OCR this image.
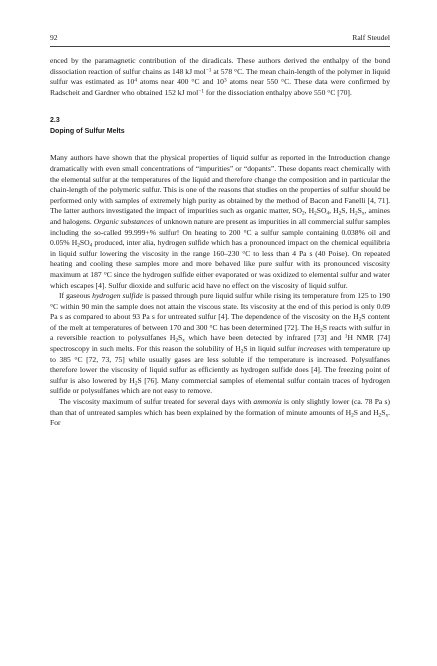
92	Ralf Steudel

enced by the paramagnetic contribution of the diradicals. These authors derived the enthalpy of the bond dissociation reaction of sulfur chains as 148 kJ mol$^{-1}$ at 578 °C. The mean chain-length of the polymer in liquid sulfur was estimated as $10^4$ atoms near 400 °C and $10^3$ atoms near 550 °C. These data were confirmed by Radscheit and Gardner who obtained 152 kJ mol$^{-1}$ for the dissociation enthalpy above 550 °C [70].

2.3
Doping of Sulfur Melts

Many authors have shown that the physical properties of liquid sulfur as reported in the Introduction change dramatically with even small concentrations of “impurities” or “dopants”. These dopants react chemically with the elemental sulfur at the temperatures of the liquid and therefore change the composition and in particular the chain-length of the polymeric sulfur. This is one of the reasons that studies on the properties of sulfur should be performed only with samples of extremely high purity as obtained by the method of Bacon and Fanelli [4, 71]. The latter authors investigated the impact of impurities such as organic matter, $SO_2$, $H_2SO_4$, $H_2S$, $H_2S_x$, amines and halogens. Organic substances of unknown nature are present as impurities in all commercial sulfur samples including the so-called 99.999+% sulfur! On heating to 200 °C a sulfur sample containing 0.038% oil and 0.05% $H_2SO_4$ produced, inter alia, hydrogen sulfide which has a pronounced impact on the chemical equilibria in liquid sulfur lowering the viscosity in the range 160–230 °C to less than 4 Pa s (40 Poise). On repeated heating and cooling these samples more and more behaved like pure sulfur with its pronounced viscosity maximum at 187 °C since the hydrogen sulfide either evaporated or was oxidized to elemental sulfur and water which escapes [4]. Sulfur dioxide and sulfuric acid have no effect on the viscosity of liquid sulfur.

If gaseous hydrogen sulfide is passed through pure liquid sulfur while rising its temperature from 125 to 190 °C within 90 min the sample does not attain the viscous state. Its viscosity at the end of this period is only 0.09 Pa s as compared to about 93 Pa s for untreated sulfur [4]. The dependence of the viscosity on the $H_2S$ content of the melt at temperatures of between 170 and 300 °C has been determined [72]. The $H_2S$ reacts with sulfur in a reversible reaction to polysulfanes $H_2S_x$ which have been detected by infrared [73] and $^1$H NMR [74] spectroscopy in such melts. For this reason the solubility of $H_2S$ in liquid sulfur increases with temperature up to 385 °C [72, 73, 75] while usually gases are less soluble if the temperature is increased. Polysulfanes therefore lower the viscosity of liquid sulfur as efficiently as hydrogen sulfide does [4]. The freezing point of sulfur is also lowered by $H_2S$ [76]. Many commercial samples of elemental sulfur contain traces of hydrogen sulfide or polysulfanes which are not easy to remove.

The viscosity maximum of sulfur treated for several days with ammonia is only slightly lower (ca. 78 Pa s) than that of untreated samples which has been explained by the formation of minute amounts of $H_2S$ and $H_2S_x$. For
